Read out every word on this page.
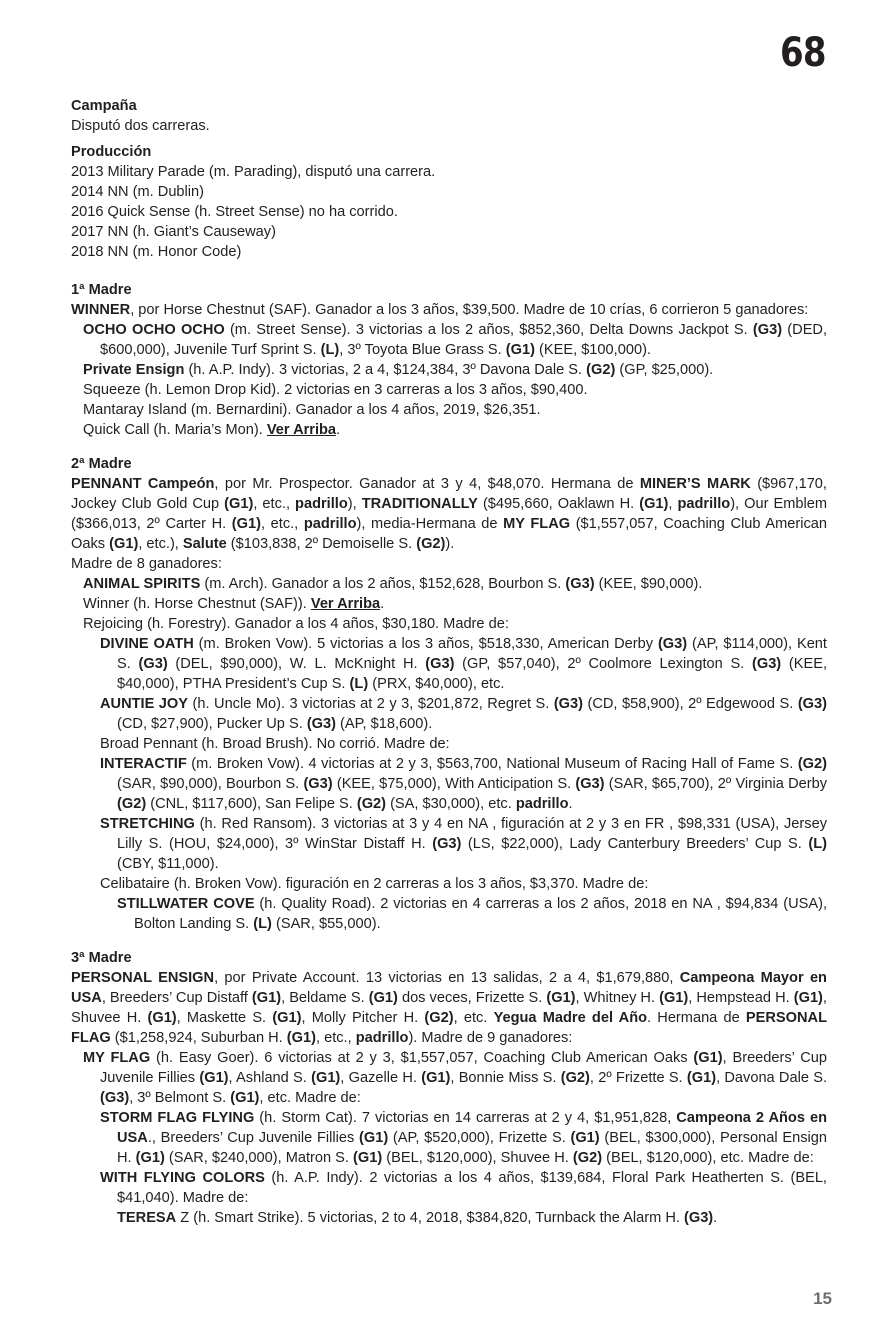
68

Campaña

Disputó dos carreras.

Producción

2013 Military Parade (m. Parading), disputó una carrera.

2014 NN (m. Dublin)

2016 Quick Sense (h. Street Sense) no ha corrido.

2017 NN (h. Giant’s Causeway)

2018 NN (m. Honor Code)

1ª Madre

WINNER, por Horse Chestnut (SAF). Ganador a los 3 años, $39,500. Madre de 10 crías, 6 corrieron 5 ganadores:

OCHO OCHO OCHO (m. Street Sense). 3 victorias a los 2 años, $852,360, Delta Downs Jackpot S. (G3) (DED, $600,000), Juvenile Turf Sprint S. (L), 3º Toyota Blue Grass S. (G1) (KEE, $100,000).

Private Ensign (h. A.P. Indy). 3 victorias, 2 a 4, $124,384, 3º Davona Dale S. (G2) (GP, $25,000).

Squeeze (h. Lemon Drop Kid). 2 victorias en 3 carreras a los 3 años, $90,400.

Mantaray Island (m. Bernardini). Ganador a los 4 años, 2019, $26,351.

Quick Call (h. Maria’s Mon). Ver Arriba.

2ª Madre

PENNANT Campeón, por Mr. Prospector. Ganador at 3 y 4, $48,070. Hermana de MINER’S MARK ($967,170, Jockey Club Gold Cup (G1), etc., padrillo), TRADITIONALLY ($495,660, Oaklawn H. (G1), padrillo), Our Emblem ($366,013, 2º Carter H. (G1), etc., padrillo), media-Hermana de MY FLAG ($1,557,057, Coaching Club American Oaks (G1), etc.), Salute ($103,838, 2º Demoiselle S. (G2)).

Madre de 8 ganadores:

ANIMAL SPIRITS (m. Arch). Ganador a los 2 años, $152,628, Bourbon S. (G3) (KEE, $90,000).

Winner (h. Horse Chestnut (SAF)). Ver Arriba.

Rejoicing (h. Forestry). Ganador a los 4 años, $30,180. Madre de:

DIVINE OATH (m. Broken Vow). 5 victorias a los 3 años, $518,330, American Derby (G3) (AP, $114,000), Kent S. (G3) (DEL, $90,000), W. L. McKnight H. (G3) (GP, $57,040), 2º Coolmore Lexington S. (G3) (KEE, $40,000), PTHA President’s Cup S. (L) (PRX, $40,000), etc.

AUNTIE JOY (h. Uncle Mo). 3 victorias at 2 y 3, $201,872, Regret S. (G3) (CD, $58,900), 2º Edgewood S. (G3) (CD, $27,900), Pucker Up S. (G3) (AP, $18,600).

Broad Pennant (h. Broad Brush). No corrió. Madre de:

INTERACTIF (m. Broken Vow). 4 victorias at 2 y 3, $563,700, National Museum of Racing Hall of Fame S. (G2) (SAR, $90,000), Bourbon S. (G3) (KEE, $75,000), With Anticipation S. (G3) (SAR, $65,700), 2º Virginia Derby (G2) (CNL, $117,600), San Felipe S. (G2) (SA, $30,000), etc. padrillo.

STRETCHING (h. Red Ransom). 3 victorias at 3 y 4 en NA , figuración at 2 y 3 en FR , $98,331 (USA), Jersey Lilly S. (HOU, $24,000), 3º WinStar Distaff H. (G3) (LS, $22,000), Lady Canterbury Breeders’ Cup S. (L) (CBY, $11,000).

Celibataire (h. Broken Vow). figuración en 2 carreras a los 3 años, $3,370. Madre de:

STILLWATER COVE (h. Quality Road). 2 victorias en 4 carreras a los 2 años, 2018 en NA , $94,834 (USA), Bolton Landing S. (L) (SAR, $55,000).

3ª Madre

PERSONAL ENSIGN, por Private Account. 13 victorias en 13 salidas, 2 a 4, $1,679,880, Campeona Mayor en USA, Breeders’ Cup Distaff (G1), Beldame S. (G1) dos veces, Frizette S. (G1), Whitney H. (G1), Hempstead H. (G1), Shuvee H. (G1), Maskette S. (G1), Molly Pitcher H. (G2), etc. Yegua Madre del Año. Hermana de PERSONAL FLAG ($1,258,924, Suburban H. (G1), etc., padrillo). Madre de 9 ganadores:

MY FLAG (h. Easy Goer). 6 victorias at 2 y 3, $1,557,057, Coaching Club American Oaks (G1), Breeders’ Cup Juvenile Fillies (G1), Ashland S. (G1), Gazelle H. (G1), Bonnie Miss S. (G2), 2º Frizette S. (G1), Davona Dale S. (G3), 3º Belmont S. (G1), etc. Madre de:

STORM FLAG FLYING (h. Storm Cat). 7 victorias en 14 carreras at 2 y 4, $1,951,828, Campeona 2 Años en USA., Breeders’ Cup Juvenile Fillies (G1) (AP, $520,000), Frizette S. (G1) (BEL, $300,000), Personal Ensign H. (G1) (SAR, $240,000), Matron S. (G1) (BEL, $120,000), Shuvee H. (G2) (BEL, $120,000), etc. Madre de:

WITH FLYING COLORS (h. A.P. Indy). 2 victorias a los 4 años, $139,684, Floral Park Heatherten S. (BEL, $41,040). Madre de:

TERESA Z (h. Smart Strike). 5 victorias, 2 to 4, 2018, $384,820, Turnback the Alarm H. (G3).

15
